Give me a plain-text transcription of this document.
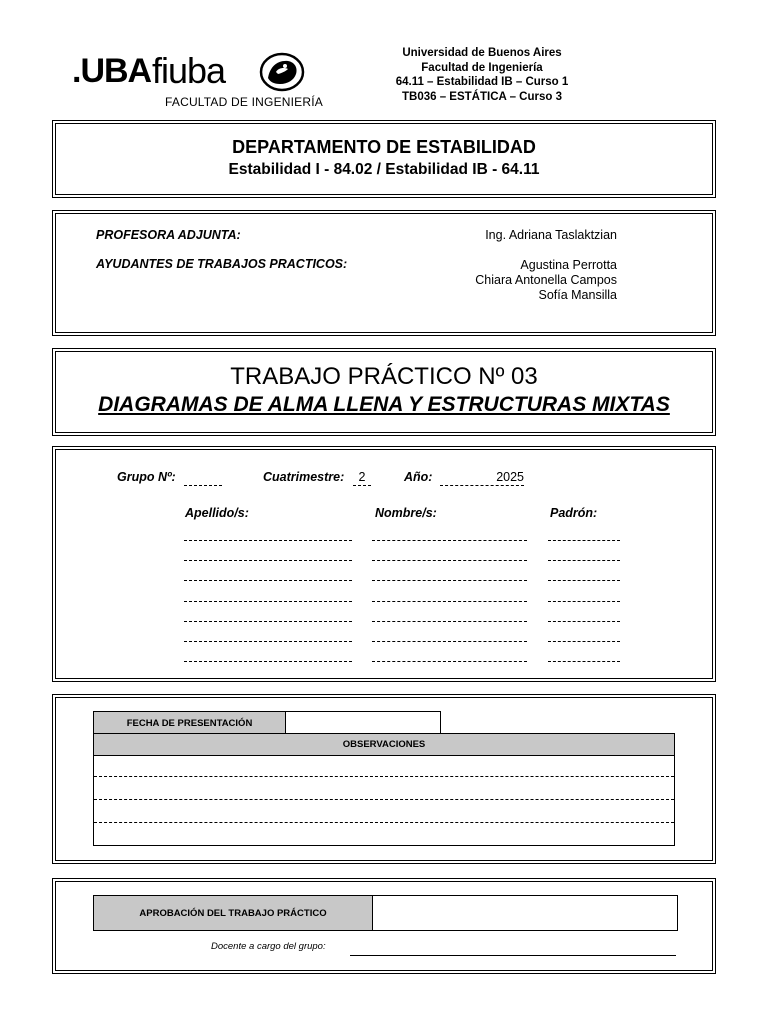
.UBA fiuba
FACULTAD DE INGENIERÍA
Universidad de Buenos Aires
Facultad de Ingeniería
64.11 – Estabilidad IB – Curso 1
TB036 – ESTÁTICA – Curso 3
DEPARTAMENTO DE ESTABILIDAD
Estabilidad I - 84.02 / Estabilidad IB - 64.11
PROFESORA ADJUNTA:	Ing. Adriana Taslaktzian
AYUDANTES DE TRABAJOS PRACTICOS:	Agustina Perrotta
Chiara Antonella Campos
Sofía Mansilla
TRABAJO PRÁCTICO Nº 03
DIAGRAMAS DE ALMA LLENA Y ESTRUCTURAS MIXTAS
Grupo Nº:	Cuatrimestre:	2	Año:	2025
Apellido/s:	Nombre/s:	Padrón:
FECHA DE PRESENTACIÓN	
OBSERVACIONES
APROBACIÓN DEL TRABAJO PRÁCTICO	
Docente a cargo del grupo:
